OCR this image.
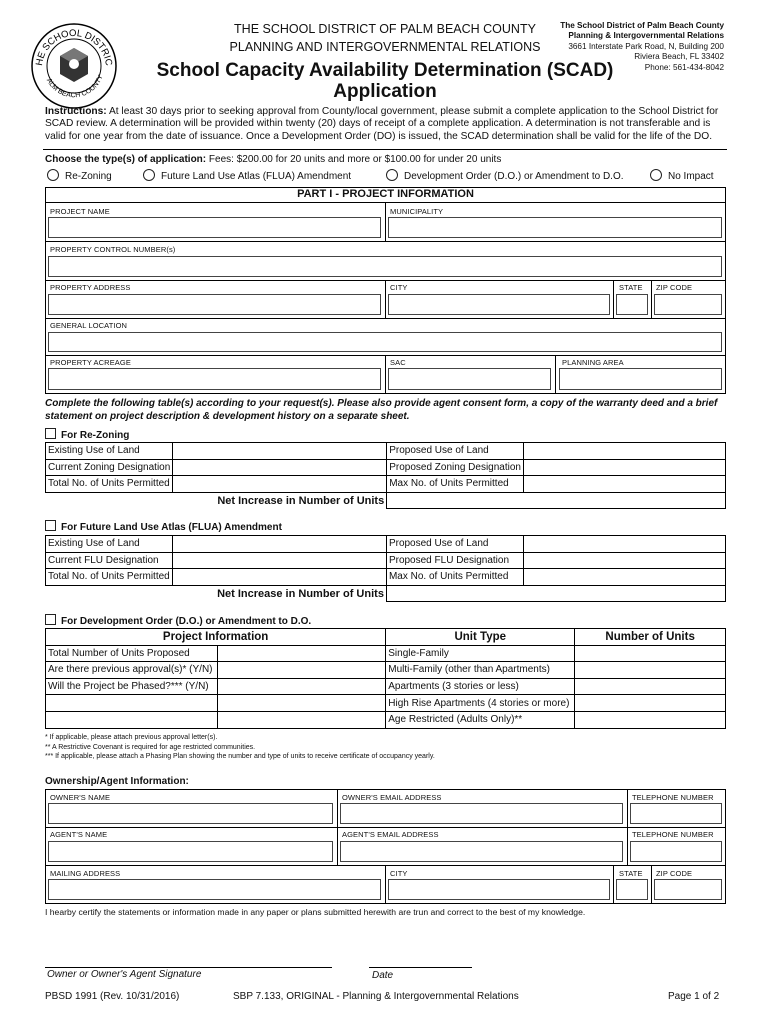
HE SCHOOL DISTRIC
ALM BEACH COUNTY
THE SCHOOL DISTRICT OF PALM BEACH COUNTY
PLANNING AND INTERGOVERNMENTAL RELATIONS
School Capacity Availability Determination (SCAD)
Application
The School District of Palm Beach County
Planning & Intergovernmental Relations
3661 Interstate Park Road, N, Building 200
Riviera Beach, FL 33402
Phone: 561-434-8042
Instructions: At least 30 days prior to seeking approval from County/local government, please submit a complete application to the School District for SCAD review. A determination will be provided within twenty (20) days of receipt of a complete application. A determination is not transferable and is valid for one year from the date of issuance. Once a Development Order (DO) is issued, the SCAD determination shall be valid for the life of the DO.
Choose the type(s) of application: Fees: $200.00 for 20 units and more or $100.00 for under 20 units
Re-Zoning	Future Land Use Atlas (FLUA) Amendment	Development Order (D.O.) or Amendment to D.O.	No Impact
PART I - PROJECT INFORMATION
PROJECT NAME	MUNICIPALITY
PROPERTY CONTROL NUMBER(s)
PROPERTY ADDRESS	CITY	STATE ZIP CODE
GENERAL LOCATION
PROPERTY ACREAGE	SAC	PLANNING AREA
Complete the following table(s) according to your request(s). Please also provide agent consent form, a copy of the warranty deed and a brief statement on project description & development history on a separate sheet.
For Re-Zoning
Existing Use of Land		Proposed Use of Land	
Current Zoning Designation		Proposed Zoning Designation	
Total No. of Units Permitted		Max No. of Units Permitted	
Net Increase in Number of Units			
For Future Land Use Atlas (FLUA) Amendment
Existing Use of Land		Proposed Use of Land	
Current FLU Designation		Proposed FLU Designation	
Total No. of Units Permitted		Max No. of Units Permitted	
Net Increase in Number of Units			
For Development Order (D.O.) or Amendment to D.O.
Project Information		Unit Type	Number of Units
Total Number of Units Proposed		Single-Family	
Are there previous approval(s)* (Y/N)		Multi-Family (other than Apartments)	
Will the Project be Phased?*** (Y/N)		Apartments (3 stories or less)	
		High Rise Apartments (4 stories or more)	
		Age Restricted (Adults Only)**	
* If applicable, please attach previous approval letter(s).
** A Restrictive Covenant is required for age restricted communities.
*** If applicable, please attach a Phasing Plan showing the number and type of units to receive certificate of occupancy yearly.
Ownership/Agent Information:
OWNER'S NAME	OWNER'S EMAIL ADDRESS	TELEPHONE NUMBER
AGENT'S NAME	AGENT'S EMAIL ADDRESS	TELEPHONE NUMBER
MAILING ADDRESS	CITY	STATE ZIP CODE
I hearby certify the statements or information made in any paper or plans submitted herewith are trun and correct to the best of my knowledge.
Owner or Owner's Agent Signature	Date
PBSD 1991 (Rev. 10/31/2016)	SBP 7.133, ORIGINAL - Planning & Intergovernmental Relations	Page 1 of 2
